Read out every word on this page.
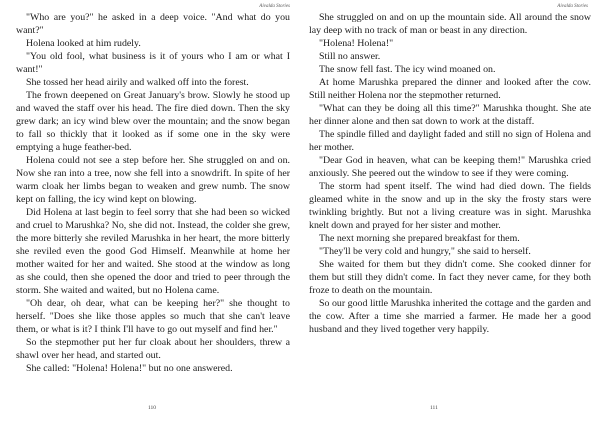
Aivalda Stories

"Who are you?" he asked in a deep voice. "And what do you want?"

Holena looked at him rudely.

"You old fool, what business is it of yours who I am or what I want!"

She tossed her head airily and walked off into the forest.

The frown deepened on Great January's brow. Slowly he stood up and waved the staff over his head. The fire died down. Then the sky grew dark; an icy wind blew over the mountain; and the snow began to fall so thickly that it looked as if some one in the sky were emptying a huge feather-bed.

Holena could not see a step before her. She struggled on and on. Now she ran into a tree, now she fell into a snowdrift. In spite of her warm cloak her limbs began to weaken and grew numb. The snow kept on falling, the icy wind kept on blowing.

Did Holena at last begin to feel sorry that she had been so wicked and cruel to Marushka? No, she did not. Instead, the colder she grew, the more bitterly she reviled Marushka in her heart, the more bitterly she reviled even the good God Himself. Meanwhile at home her mother waited for her and waited. She stood at the window as long as she could, then she opened the door and tried to peer through the storm. She waited and waited, but no Holena came.

"Oh dear, oh dear, what can be keeping her?" she thought to herself. "Does she like those apples so much that she can't leave them, or what is it? I think I'll have to go out myself and find her."

So the stepmother put her fur cloak about her shoulders, threw a shawl over her head, and started out.

She called: "Holena! Holena!" but no one answered.

110
Aivalda Stories

She struggled on and on up the mountain side. All around the snow lay deep with no track of man or beast in any direction.

"Holena! Holena!"

Still no answer.

The snow fell fast. The icy wind moaned on.

At home Marushka prepared the dinner and looked after the cow. Still neither Holena nor the stepmother returned.

"What can they be doing all this time?" Marushka thought. She ate her dinner alone and then sat down to work at the distaff.

The spindle filled and daylight faded and still no sign of Holena and her mother.

"Dear God in heaven, what can be keeping them!" Marushka cried anxiously. She peered out the window to see if they were coming.

The storm had spent itself. The wind had died down. The fields gleamed white in the snow and up in the sky the frosty stars were twinkling brightly. But not a living creature was in sight. Marushka knelt down and prayed for her sister and mother.

The next morning she prepared breakfast for them.

"They'll be very cold and hungry," she said to herself.

She waited for them but they didn't come. She cooked dinner for them but still they didn't come. In fact they never came, for they both froze to death on the mountain.

So our good little Marushka inherited the cottage and the garden and the cow. After a time she married a farmer. He made her a good husband and they lived together very happily.

111
